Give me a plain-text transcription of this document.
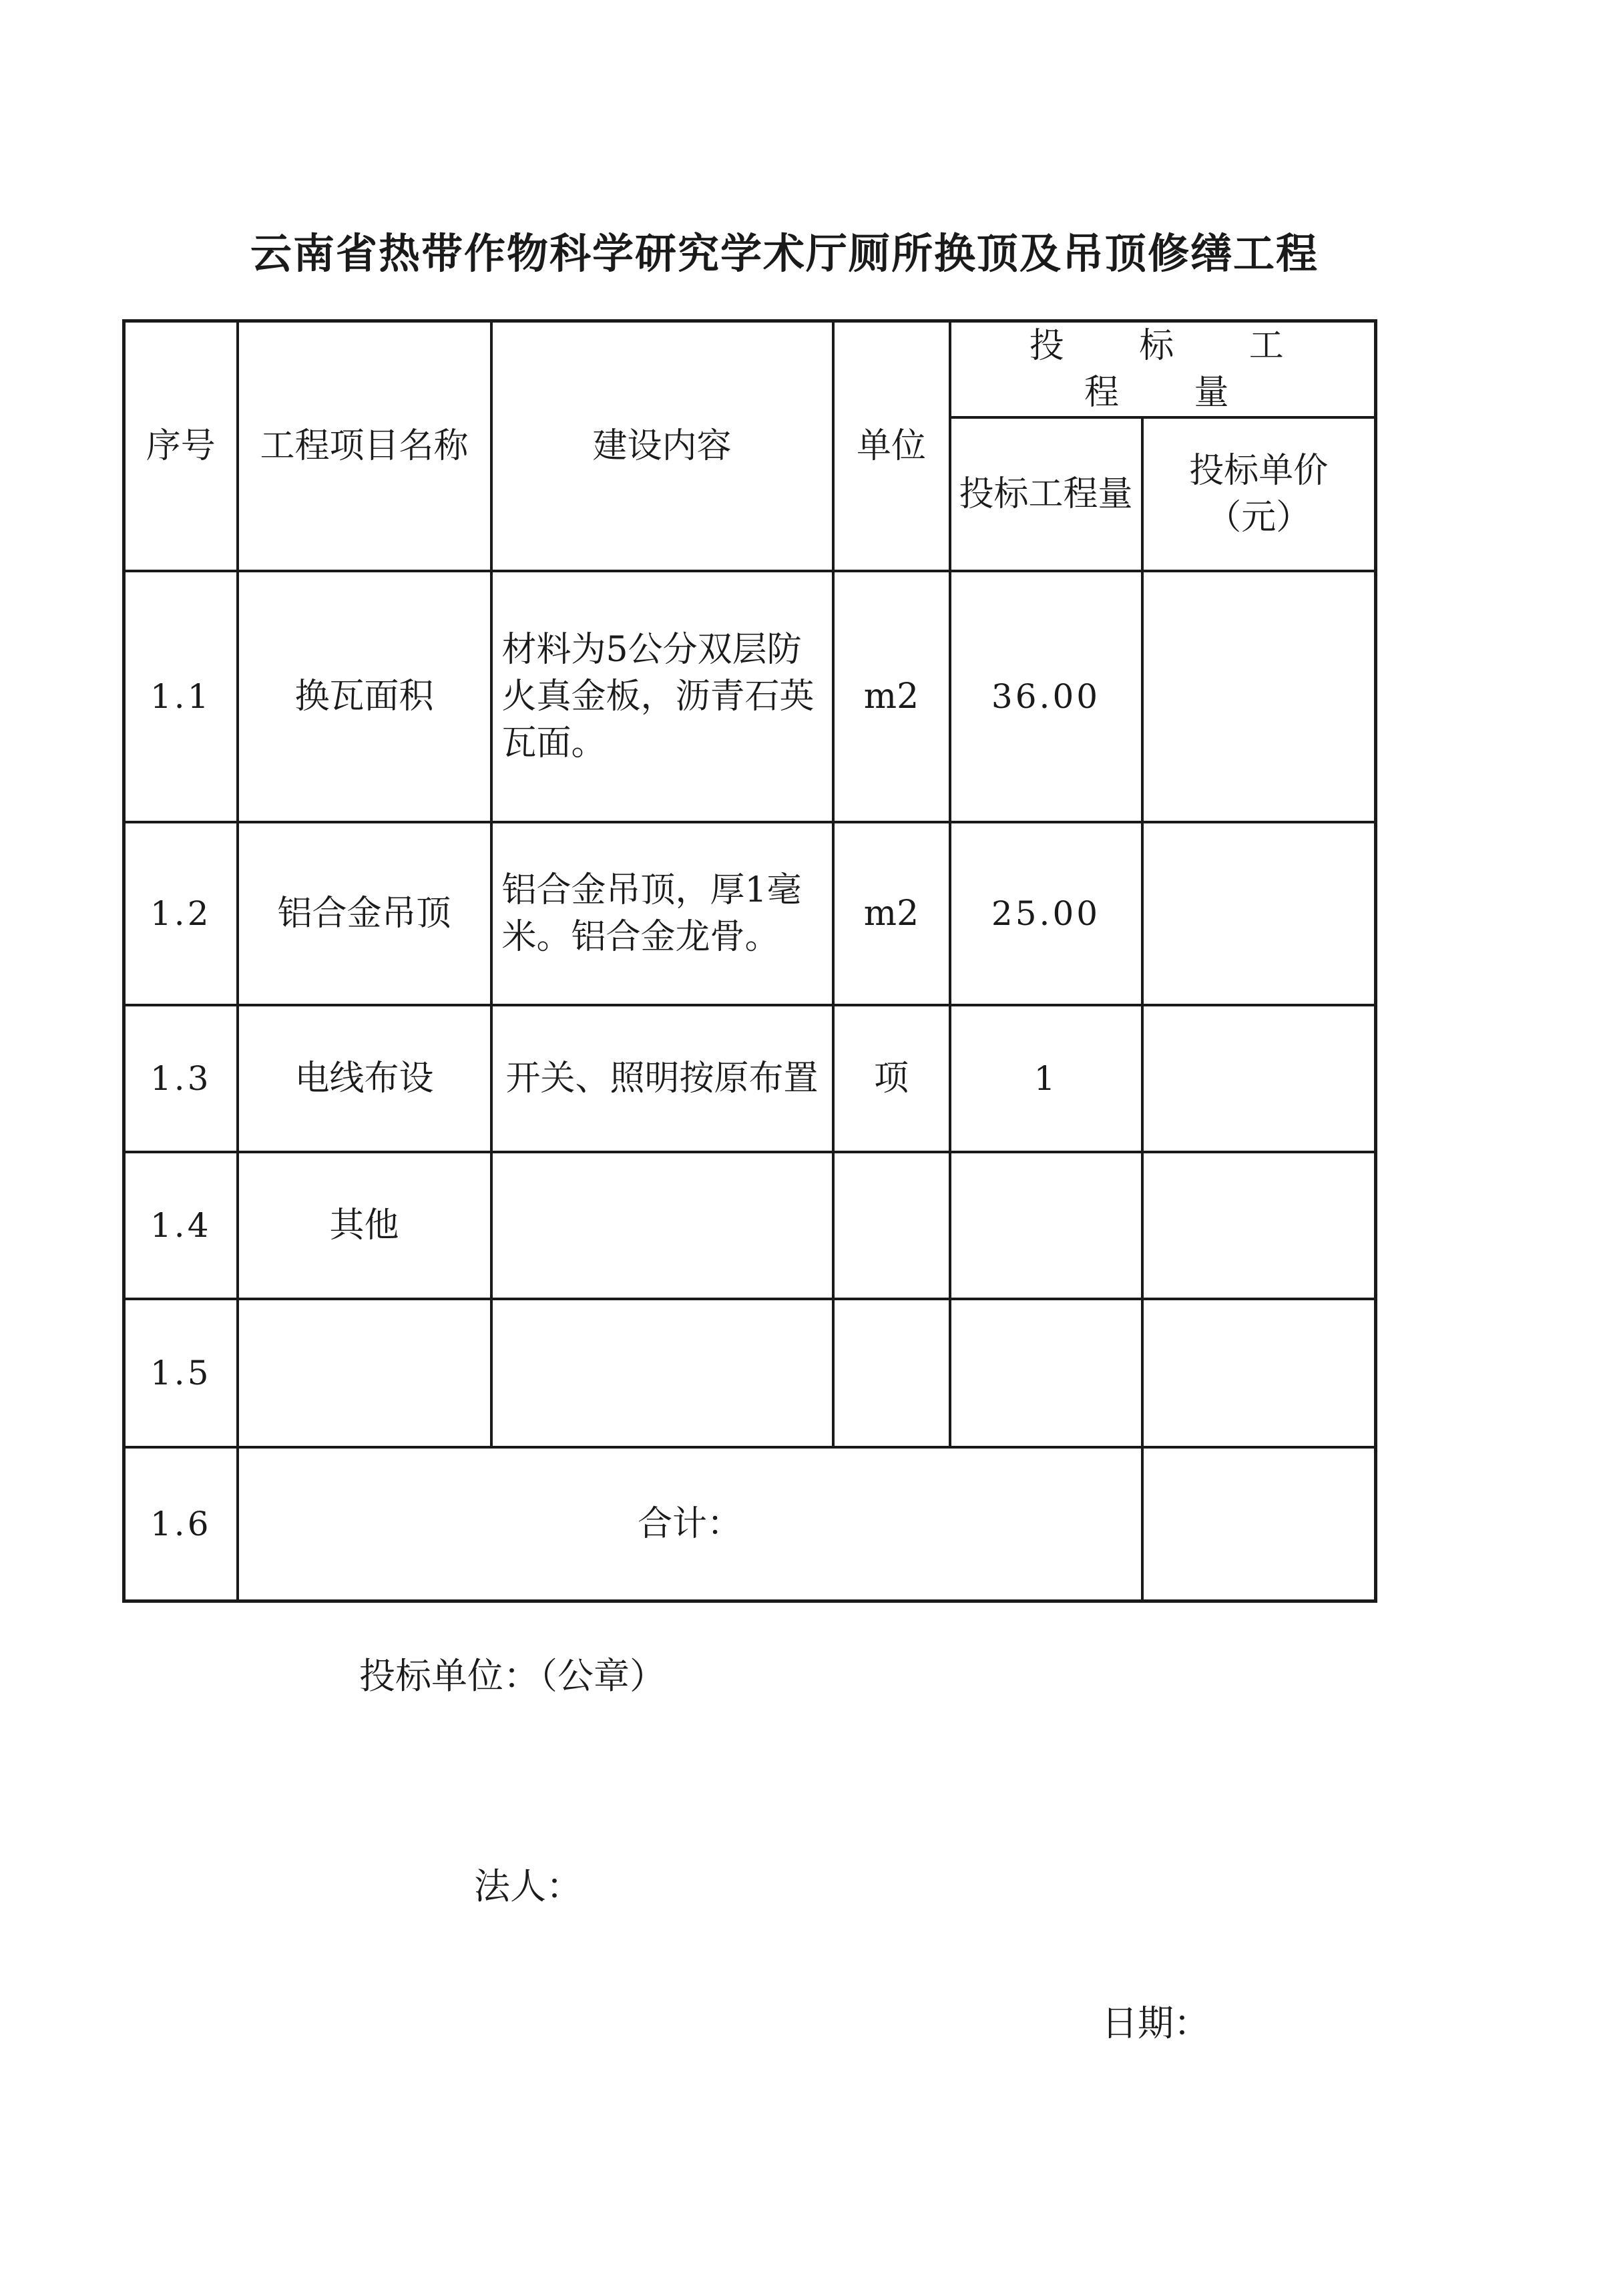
云南省热带作物科学研究学术厅厕所换顶及吊顶修缮工程
序号	工程项目名称	建设内容	单位	投 标 工 程 量	
				投标工程量	投标单价（元）
1.1	换瓦面积	材料为5公分双层防火真金板，沥青石英瓦面。	m2	36.00	
1.2	铝合金吊顶	铝合金吊顶，厚1毫米。铝合金龙骨。	m2	25.00	
1.3	电线布设	开关、照明按原布置	项	1	
1.4	其他				
1.5					
1.6	合计：				
投标单位：（公章）
法人：
日期：
